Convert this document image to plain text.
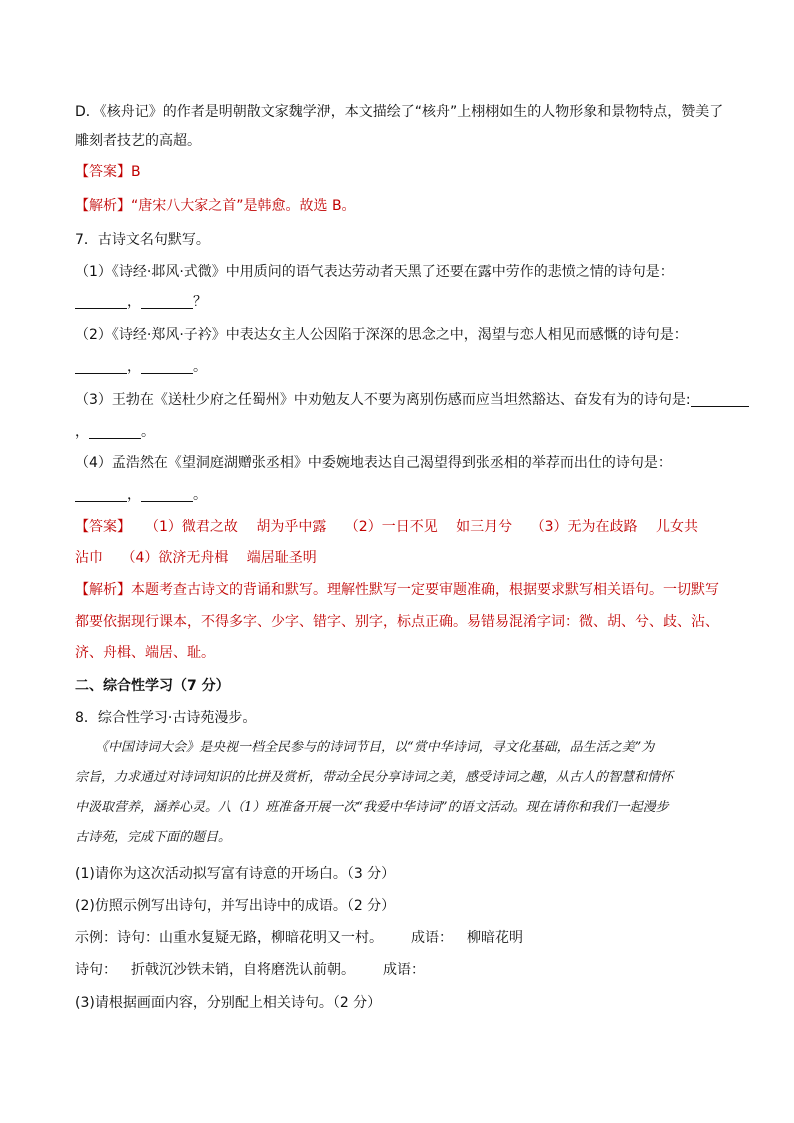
D．《核舟记》的作者是明朝散文家魏学洢，本文描绘了“核舟”上栩栩如生的人物形象和景物特点，赞美了
雕刻者技艺的高超。
【答案】B
【解析】“唐宋八大家之首”是韩愈。故选 B。
7．古诗文名句默写。
（1）《诗经·邶风·式微》中用质问的语气表达劳动者天黑了还要在露中劳作的悲愤之情的诗句是：
，	？
（2）《诗经·郑风·子衿》中表达女主人公因陷于深深的思念之中，渴望与恋人相见而感慨的诗句是：
，	。
（3）王勃在《送杜少府之任蜀州》中劝勉友人不要为离别伤感而应当坦然豁达、奋发有为的诗句是:
，	。
（4）孟浩然在《望洞庭湖赠张丞相》中委婉地表达自己渴望得到张丞相的举荐而出仕的诗句是：
，	。
【答案】 （1）微君之故　 胡为乎中露　 （2）一日不见　 如三月兮　 （3）无为在歧路　 儿女共
沾巾　 （4）欲济无舟楫　 端居耻圣明
【解析】本题考查古诗文的背诵和默写。理解性默写一定要审题准确，根据要求默写相关语句。一切默写
都要依据现行课本，不得多字、少字、错字、别字，标点正确。易错易混淆字词：微、胡、兮、歧、沾、
济、舟楫、端居、耻。
二、综合性学习（7 分）
8．综合性学习·古诗苑漫步。
《中国诗词大会》是央视一档全民参与的诗词节目，以“赏中华诗词，寻文化基础，品生活之美”为
宗旨，力求通过对诗词知识的比拼及赏析，带动全民分享诗词之美，感受诗词之趣，从古人的智慧和情怀
中汲取营养，涵养心灵。八（1）班准备开展一次“我爱中华诗词”的语文活动。现在请你和我们一起漫步
古诗苑，完成下面的题目。
(1)请你为这次活动拟写富有诗意的开场白。（3 分）
(2)仿照示例写出诗句，并写出诗中的成语。（2 分）
示例：诗句：山重水复疑无路，柳暗花明又一村。 成语： 柳暗花明
诗句： 折戟沉沙铁未销，自将磨洗认前朝。 成语：
(3)请根据画面内容，分别配上相关诗句。（2 分）
